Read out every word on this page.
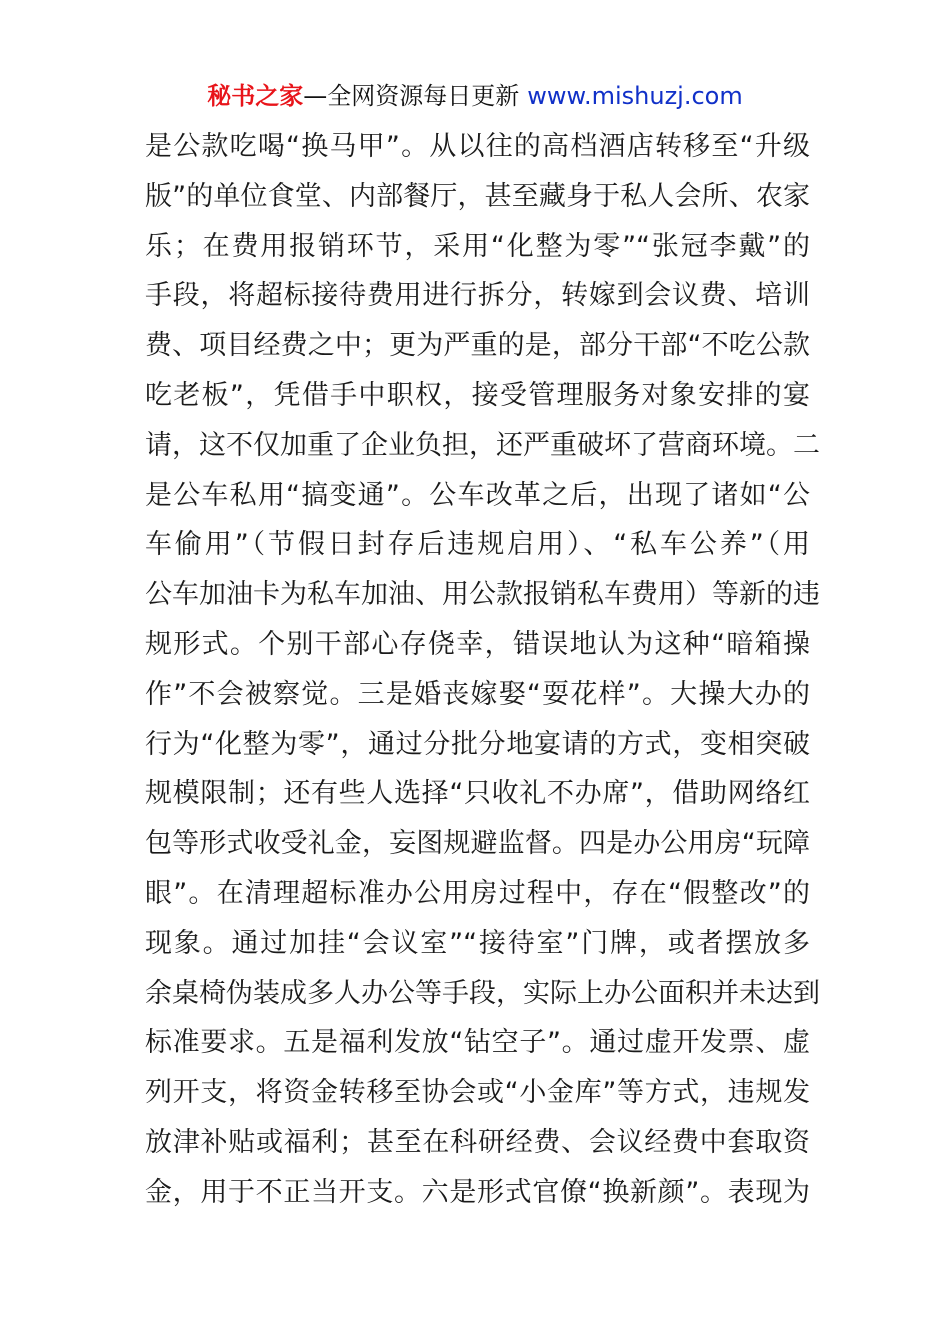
秘书之家—全网资源每日更新 www.mishuzj.com
是公款吃喝“换马甲”。从以往的高档酒店转移至“升级
版”的单位食堂、内部餐厅，甚至藏身于私人会所、农家
乐；在费用报销环节，采用“化整为零”“张冠李戴”的
手段，将超标接待费用进行拆分，转嫁到会议费、培训
费、项目经费之中；更为严重的是，部分干部“不吃公款
吃老板”，凭借手中职权，接受管理服务对象安排的宴
请，这不仅加重了企业负担，还严重破坏了营商环境。二
是公车私用“搞变通”。公车改革之后，出现了诸如“公
车偷用”（节假日封存后违规启用）、“私车公养”（用
公车加油卡为私车加油、用公款报销私车费用）等新的违
规形式。个别干部心存侥幸，错误地认为这种“暗箱操
作”不会被察觉。三是婚丧嫁娶“耍花样”。大操大办的
行为“化整为零”，通过分批分地宴请的方式，变相突破
规模限制；还有些人选择“只收礼不办席”，借助网络红
包等形式收受礼金，妄图规避监督。四是办公用房“玩障
眼”。在清理超标准办公用房过程中，存在“假整改”的
现象。通过加挂“会议室”“接待室”门牌，或者摆放多
余桌椅伪装成多人办公等手段，实际上办公面积并未达到
标准要求。五是福利发放“钻空子”。通过虚开发票、虚
列开支，将资金转移至协会或“小金库”等方式，违规发
放津补贴或福利；甚至在科研经费、会议经费中套取资
金，用于不正当开支。六是形式官僚“换新颜”。表现为
